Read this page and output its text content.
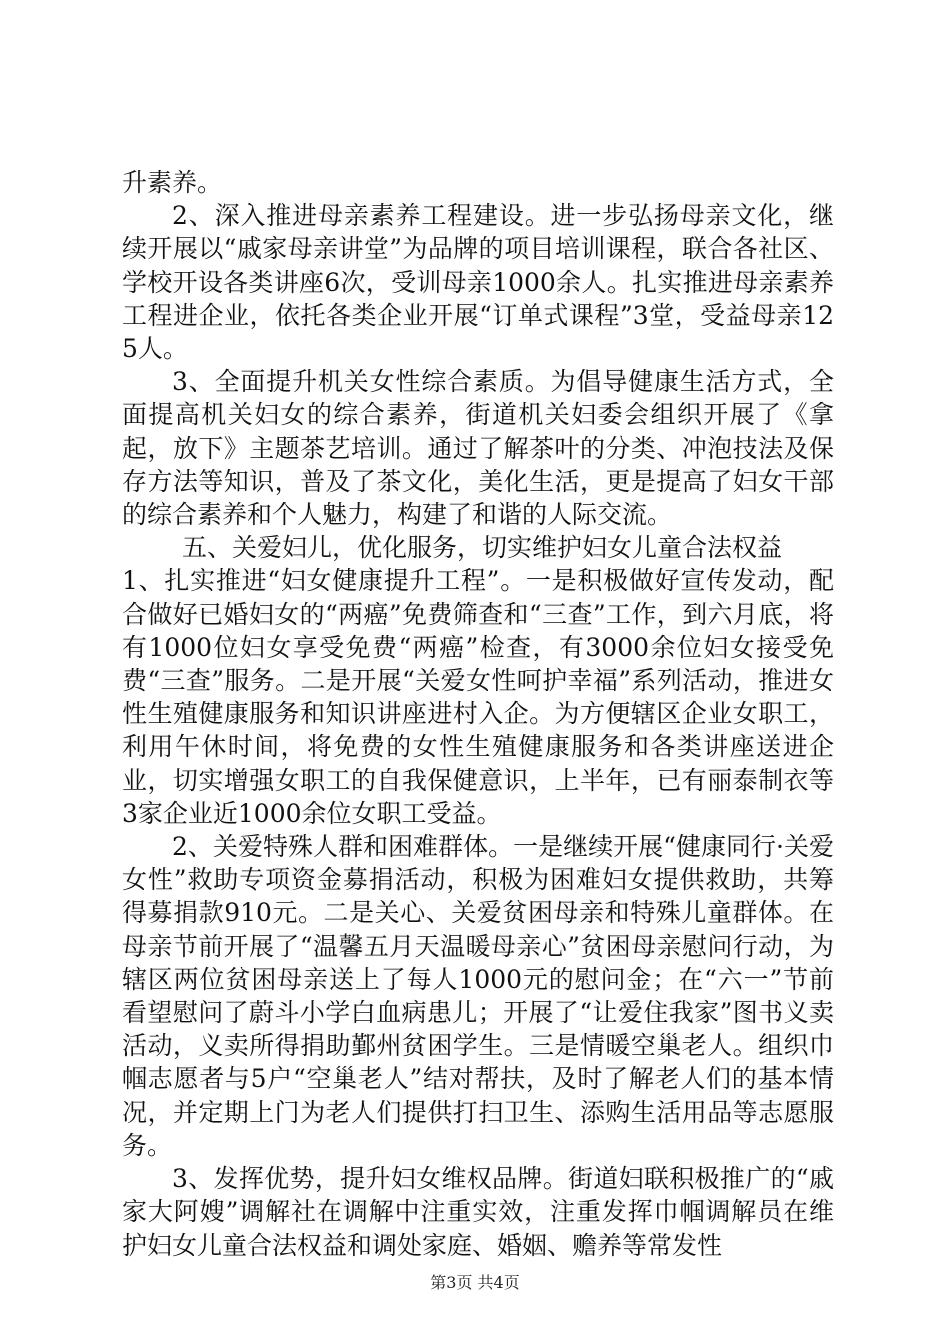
升素养。

2、深入推进母亲素养工程建设。进一步弘扬母亲文化，继续开展以“戚家母亲讲堂”为品牌的项目培训课程，联合各社区、学校开设各类讲座6次，受训母亲1000余人。扎实推进母亲素养工程进企业，依托各类企业开展“订单式课程”3堂，受益母亲125人。

3、全面提升机关女性综合素质。为倡导健康生活方式，全面提高机关妇女的综合素养，街道机关妇委会组织开展了《拿起，放下》主题茶艺培训。通过了解茶叶的分类、冲泡技法及保存方法等知识，普及了茶文化，美化生活，更是提高了妇女干部的综合素养和个人魅力，构建了和谐的人际交流。

五、关爱妇儿，优化服务，切实维护妇女儿童合法权益

1、扎实推进“妇女健康提升工程”。一是积极做好宣传发动，配合做好已婚妇女的“两癌”免费筛查和“三查”工作，到六月底，将有1000位妇女享受免费“两癌”检查，有3000余位妇女接受免费“三查”服务。二是开展“关爱女性呵护幸福”系列活动，推进女性生殖健康服务和知识讲座进村入企。为方便辖区企业女职工，利用午休时间，将免费的女性生殖健康服务和各类讲座送进企业，切实增强女职工的自我保健意识，上半年，已有丽泰制衣等3家企业近1000余位女职工受益。

2、关爱特殊人群和困难群体。一是继续开展“健康同行·关爱女性”救助专项资金募捐活动，积极为困难妇女提供救助，共筹得募捐款910元。二是关心、关爱贫困母亲和特殊儿童群体。在母亲节前开展了“温馨五月天温暖母亲心”贫困母亲慰问行动，为辖区两位贫困母亲送上了每人1000元的慰问金；在“六一”节前看望慰问了蔚斗小学白血病患儿；开展了“让爱住我家”图书义卖活动，义卖所得捐助鄞州贫困学生。三是情暖空巢老人。组织巾帼志愿者与5户“空巢老人”结对帮扶，及时了解老人们的基本情况，并定期上门为老人们提供打扫卫生、添购生活用品等志愿服务。

3、发挥优势，提升妇女维权品牌。街道妇联积极推广的“戚家大阿嫂”调解社在调解中注重实效，注重发挥巾帼调解员在维护妇女儿童合法权益和调处家庭、婚姻、赡养等常发性

第3页 共4页
